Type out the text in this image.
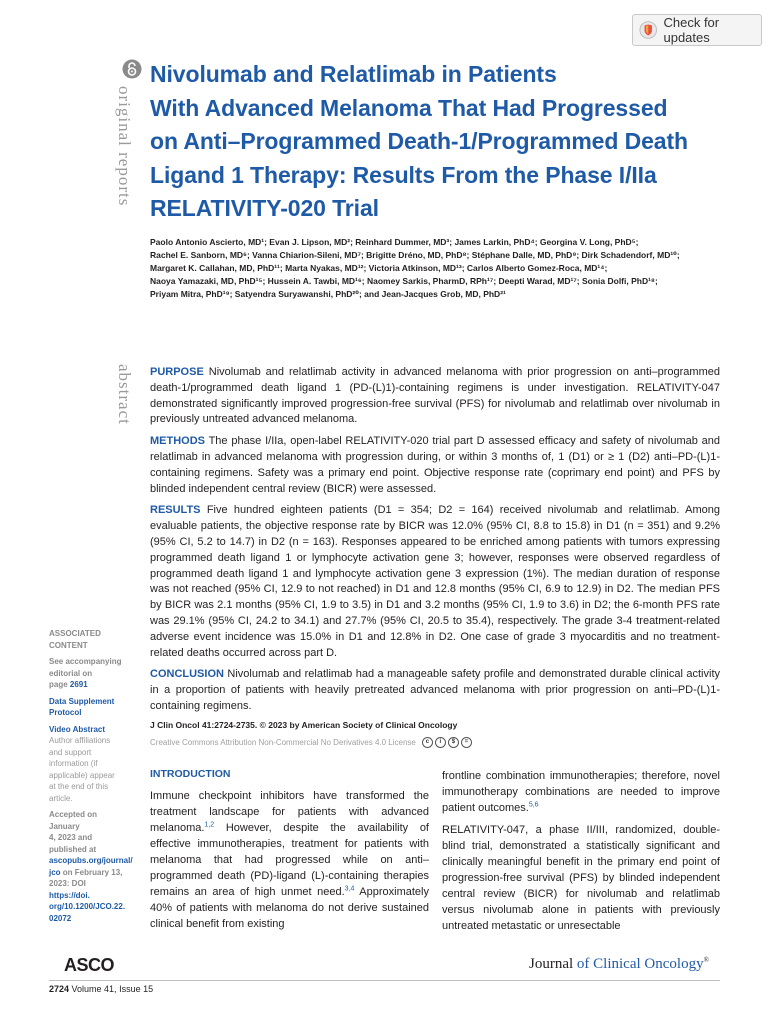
Check for updates
original reports
abstract
Nivolumab and Relatlimab in Patients
With Advanced Melanoma That Had Progressed
on Anti–Programmed Death-1/Programmed Death
Ligand 1 Therapy: Results From the Phase I/IIa
RELATIVITY-020 Trial
Paolo Antonio Ascierto, MD¹; Evan J. Lipson, MD²; Reinhard Dummer, MD³; James Larkin, PhD⁴; Georgina V. Long, PhD⁵;
Rachel E. Sanborn, MD⁶; Vanna Chiarion-Sileni, MD⁷; Brigitte Dréno, MD, PhD⁸; Stéphane Dalle, MD, PhD⁹; Dirk Schadendorf, MD¹⁰;
Margaret K. Callahan, MD, PhD¹¹; Marta Nyakas, MD¹²; Victoria Atkinson, MD¹³; Carlos Alberto Gomez-Roca, MD¹⁴;
Naoya Yamazaki, MD, PhD¹⁵; Hussein A. Tawbi, MD¹⁶; Naomey Sarkis, PharmD, RPh¹⁷; Deepti Warad, MD¹⁷; Sonia Dolfi, PhD¹⁸;
Priyam Mitra, PhD¹⁹; Satyendra Suryawanshi, PhD²⁰; and Jean-Jacques Grob, MD, PhD²¹

PURPOSE Nivolumab and relatlimab activity in advanced melanoma with prior progression on anti–programmed death-1/programmed death ligand 1 (PD-(L)1)-containing regimens is under investigation. RELATIVITY-047 demonstrated significantly improved progression-free survival (PFS) for nivolumab and relatlimab over nivolumab in previously untreated advanced melanoma.

METHODS The phase I/IIa, open-label RELATIVITY-020 trial part D assessed efficacy and safety of nivolumab and relatlimab in advanced melanoma with progression during, or within 3 months of, 1 (D1) or ≥ 1 (D2) anti–PD-(L)1-containing regimens. Safety was a primary end point. Objective response rate (coprimary end point) and PFS by blinded independent central review (BICR) were assessed.

RESULTS Five hundred eighteen patients (D1 = 354; D2 = 164) received nivolumab and relatlimab. Among evaluable patients, the objective response rate by BICR was 12.0% (95% CI, 8.8 to 15.8) in D1 (n = 351) and 9.2% (95% CI, 5.2 to 14.7) in D2 (n = 163). Responses appeared to be enriched among patients with tumors expressing programmed death ligand 1 or lymphocyte activation gene 3; however, responses were observed regardless of programmed death ligand 1 and lymphocyte activation gene 3 expression (1%). The median duration of response was not reached (95% CI, 12.9 to not reached) in D1 and 12.8 months (95% CI, 6.9 to 12.9) in D2. The median PFS by BICR was 2.1 months (95% CI, 1.9 to 3.5) in D1 and 3.2 months (95% CI, 1.9 to 3.6) in D2; the 6-month PFS rate was 29.1% (95% CI, 24.2 to 34.1) and 27.7% (95% CI, 20.5 to 35.4), respectively. The grade 3-4 treatment-related adverse event incidence was 15.0% in D1 and 12.8% in D2. One case of grade 3 myocarditis and no treatment-related deaths occurred across part D.

CONCLUSION Nivolumab and relatlimab had a manageable safety profile and demonstrated durable clinical activity in a proportion of patients with heavily pretreated advanced melanoma with prior progression on anti–PD-(L)1-containing regimens.

J Clin Oncol 41:2724-2735. © 2023 by American Society of Clinical Oncology
Creative Commons Attribution Non-Commercial No Derivatives 4.0 License	c	i	$	=
ASSOCIATED
CONTENT
See accompanying
editorial on
page 2691
Data Supplement
Protocol
Video Abstract
Author affiliations
and support
information (if
applicable) appear
at the end of this
article.
Accepted on January
4, 2023 and
published at
ascopubs.org/journal/
jco on February 13,
2023: DOI https://doi.
org/10.1200/JCO.22.
02072
INTRODUCTION

Immune checkpoint inhibitors have transformed the treatment landscape for patients with advanced melanoma.$^{1,2}$ However, despite the availability of effective immunotherapies, treatment for patients with melanoma that had progressed while on anti–programmed death (PD)-ligand (L)-containing therapies remains an area of high unmet need.$^{3,4}$ Approximately 40% of patients with melanoma do not derive sustained clinical benefit from existing

frontline combination immunotherapies; therefore, novel immunotherapy combinations are needed to improve patient outcomes.$^{5,6}$

RELATIVITY-047, a phase II/III, randomized, double-blind trial, demonstrated a statistically significant and clinically meaningful benefit in the primary end point of progression-free survival (PFS) by blinded independent central review (BICR) for nivolumab and relatlimab versus nivolumab alone in patients with previously untreated metastatic or unresectable

ASCO	Journal of Clinical Oncology®
2724 Volume 41, Issue 15
